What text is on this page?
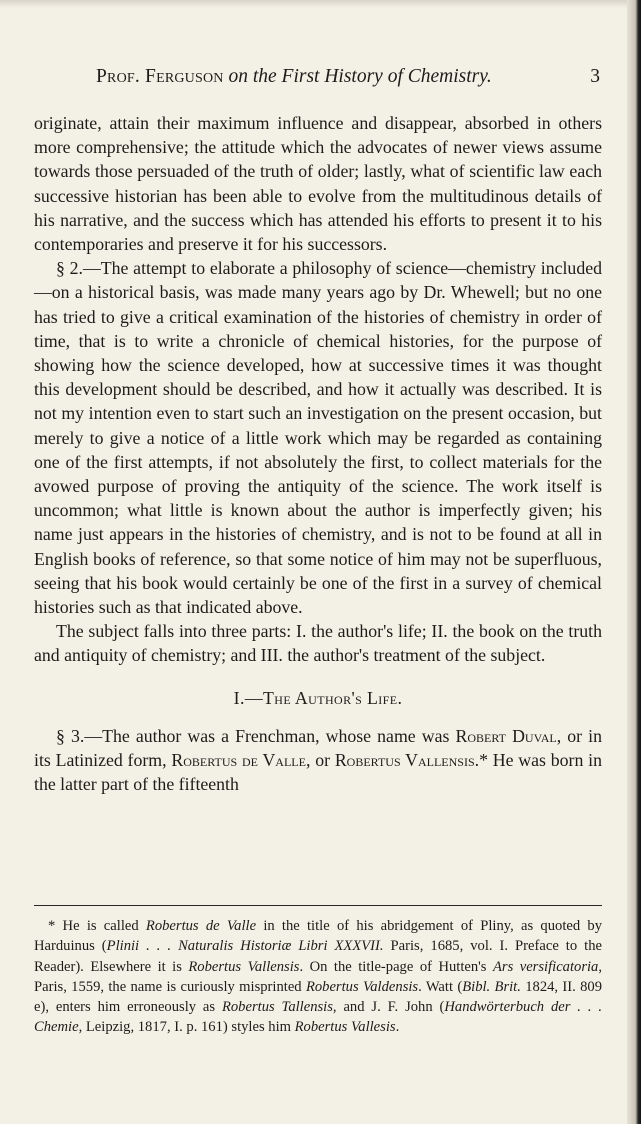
Prof. Ferguson on the First History of Chemistry.	3

originate, attain their maximum influence and disappear, absorbed in others more comprehensive; the attitude which the advocates of newer views assume towards those persuaded of the truth of older; lastly, what of scientific law each successive historian has been able to evolve from the multitudinous details of his narrative, and the success which has attended his efforts to present it to his contemporaries and preserve it for his successors.

§ 2.—The attempt to elaborate a philosophy of science—chemistry included—on a historical basis, was made many years ago by Dr. Whewell; but no one has tried to give a critical examination of the histories of chemistry in order of time, that is to write a chronicle of chemical histories, for the purpose of showing how the science developed, how at successive times it was thought this development should be described, and how it actually was described. It is not my intention even to start such an investigation on the present occasion, but merely to give a notice of a little work which may be regarded as containing one of the first attempts, if not absolutely the first, to collect materials for the avowed purpose of proving the antiquity of the science. The work itself is uncommon; what little is known about the author is imperfectly given; his name just appears in the histories of chemistry, and is not to be found at all in English books of reference, so that some notice of him may not be superfluous, seeing that his book would certainly be one of the first in a survey of chemical histories such as that indicated above.

The subject falls into three parts: I. the author's life; II. the book on the truth and antiquity of chemistry; and III. the author's treatment of the subject.

I.—The Author's Life.

§ 3.—The author was a Frenchman, whose name was Robert Duval, or in its Latinized form, Robertus de Valle, or Robertus Vallensis.* He was born in the latter part of the fifteenth

* He is called Robertus de Valle in the title of his abridgement of Pliny, as quoted by Harduinus (Plinii . . . Naturalis Historiæ Libri XXXVII. Paris, 1685, vol. I. Preface to the Reader). Elsewhere it is Robertus Vallensis. On the title-page of Hutten's Ars versificatoria, Paris, 1559, the name is curiously misprinted Robertus Valdensis. Watt (Bibl. Brit. 1824, II. 809 e), enters him erroneously as Robertus Tallensis, and J. F. John (Handwörterbuch der . . . Chemie, Leipzig, 1817, I. p. 161) styles him Robertus Vallesis.
